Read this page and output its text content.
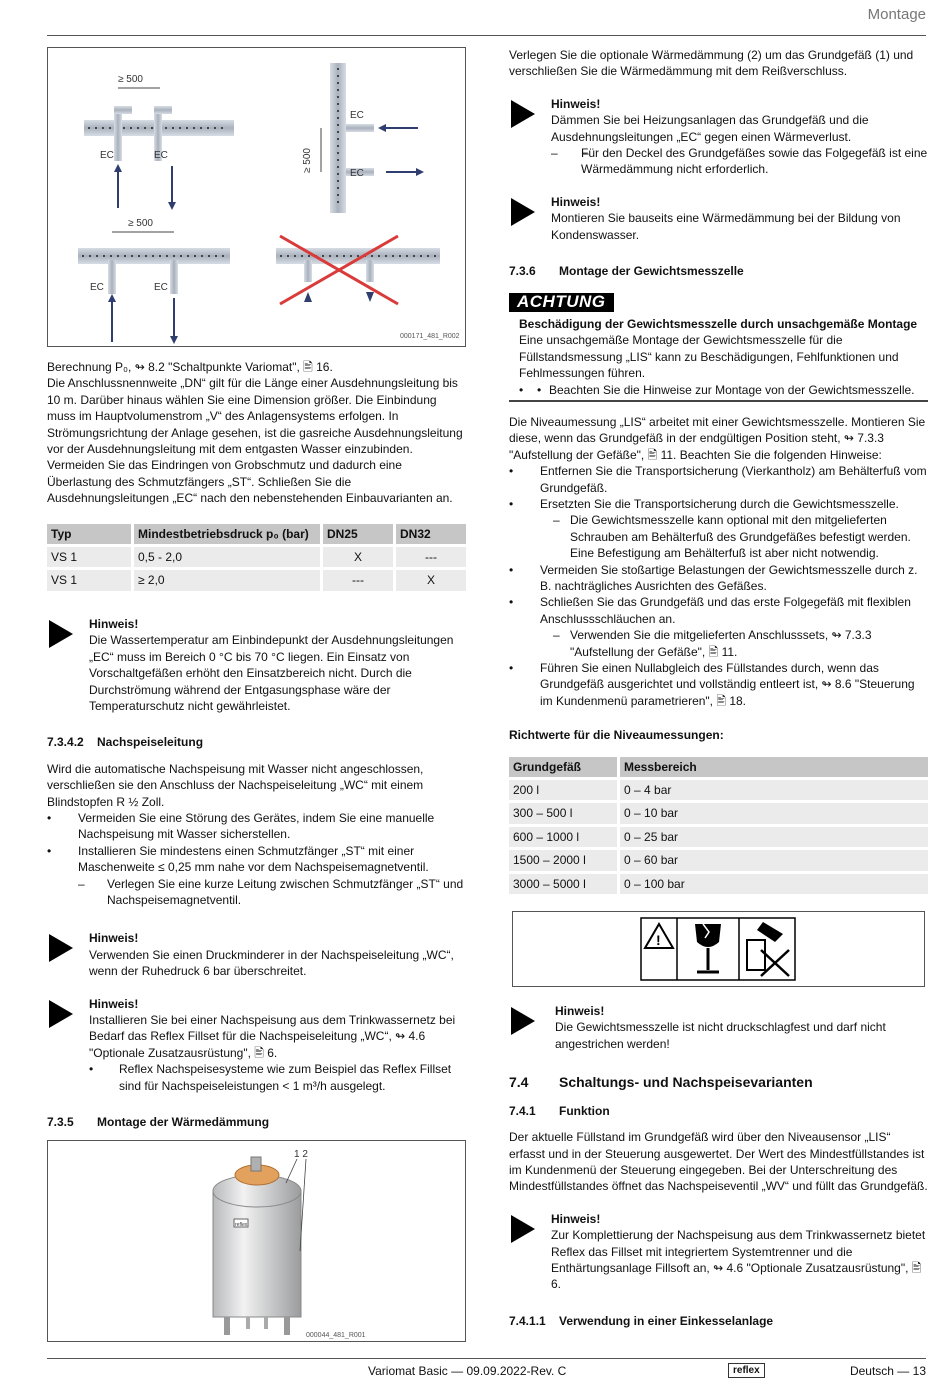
Montage
≥ 500
EC	EC
EC
EC
≥ 500
≥ 500
EC	EC
000171_481_R002

Berechnung P₀, ↬ 8.2 "Schaltpunkte Variomat", 🖹 16.

Die Anschlussnennweite „DN“ gilt für die Länge einer Ausdehnungsleitung bis 10 m. Darüber hinaus wählen Sie eine Dimension größer. Die Einbindung muss im Hauptvolumenstrom „V“ des Anlagensystems erfolgen. In Strömungsrichtung der Anlage gesehen, ist die gasreiche Ausdehnungsleitung vor der Ausdehnungsleitung mit dem entgasten Wasser einzubinden.

Vermeiden Sie das Eindringen von Grobschmutz und dadurch eine Überlastung des Schmutzfängers „ST“. Schließen Sie die Ausdehnungsleitungen „EC“ nach den nebenstehenden Einbauvarianten an.

Typ	Mindestbetriebsdruck p₀ (bar)	DN25	DN32
VS 1	0,5 - 2,0	X	---
VS 1	≥ 2,0	---	X

Hinweis!

Die Wassertemperatur am Einbindepunkt der Ausdehnungsleitungen „EC“ muss im Bereich 0 °C bis 70 °C liegen. Ein Einsatz von Vorschaltgefäßen erhöht den Einsatzbereich nicht. Durch die Durchströmung während der Entgasungsphase wäre der Temperaturschutz nicht gewährleistet.

7.3.4.2 Nachspeiseleitung

Wird die automatische Nachspeisung mit Wasser nicht angeschlossen, verschließen sie den Anschluss der Nachspeiseleitung „WC“ mit einem Blindstopfen R ½ Zoll.

• Vermeiden Sie eine Störung des Gerätes, indem Sie eine manuelle Nachspeisung mit Wasser sicherstellen.

• Installieren Sie mindestens einen Schmutzfänger „ST“ mit einer Maschenweite ≤ 0,25 mm nahe vor dem Nachspeisemagnetventil.

– Verlegen Sie eine kurze Leitung zwischen Schmutzfänger „ST“ und Nachspeisemagnetventil.

Hinweis!

Verwenden Sie einen Druckminderer in der Nachspeiseleitung „WC“, wenn der Ruhedruck 6 bar überschreitet.

Hinweis!

Installieren Sie bei einer Nachspeisung aus dem Trinkwassernetz bei Bedarf das Reflex Fillset für die Nachspeiseleitung „WC“, ↬ 4.6 "Optionale Zusatzausrüstung", 🖹 6.

• Reflex Nachspeisesysteme wie zum Beispiel das Reflex Fillset sind für Nachspeiseleistungen < 1 m³/h ausgelegt.

7.3.5 Montage der Wärmedämmung
reflex
1 2
000044_481_R001

Verlegen Sie die optionale Wärmedämmung (2) um das Grundgefäß (1) und verschließen Sie die Wärmedämmung mit dem Reißverschluss.

Hinweis!

Dämmen Sie bei Heizungsanlagen das Grundgefäß und die Ausdehnungsleitungen „EC“ gegen einen Wärmeverlust.

– – Für den Deckel des Grundgefäßes sowie das Folgegefäß ist eine Wärmedämmung nicht erforderlich.

Hinweis!

Montieren Sie bauseits eine Wärmedämmung bei der Bildung von Kondenswasser.

7.3.6 Montage der Gewichtsmesszelle
ACHTUNG

Beschädigung der Gewichtsmesszelle durch unsachgemäße Montage

Eine unsachgemäße Montage der Gewichtsmesszelle für die Füllstandsmessung „LIS“ kann zu Beschädigungen, Fehlfunktionen und Fehlmessungen führen.

• • Beachten Sie die Hinweise zur Montage von der Gewichtsmesszelle.

Die Niveaumessung „LIS“ arbeitet mit einer Gewichtsmesszelle. Montieren Sie diese, wenn das Grundgefäß in der endgültigen Position steht, ↬ 7.3.3 "Aufstellung der Gefäße", 🖹 11. Beachten Sie die folgenden Hinweise:

• Entfernen Sie die Transportsicherung (Vierkantholz) am Behälterfuß vom Grundgefäß.

• Ersetzten Sie die Transportsicherung durch die Gewichtsmesszelle.

– Die Gewichtsmesszelle kann optional mit den mitgelieferten Schrauben am Behälterfuß des Grundgefäßes befestigt werden. Eine Befestigung am Behälterfuß ist aber nicht notwendig.

• Vermeiden Sie stoßartige Belastungen der Gewichtsmesszelle durch z. B. nachträgliches Ausrichten des Gefäßes.

• Schließen Sie das Grundgefäß und das erste Folgegefäß mit flexiblen Anschlussschläuchen an.

– Verwenden Sie die mitgelieferten Anschlusssets, ↬ 7.3.3 "Aufstellung der Gefäße", 🖹 11.

• Führen Sie einen Nullabgleich des Füllstandes durch, wenn das Grundgefäß ausgerichtet und vollständig entleert ist, ↬ 8.6 "Steuerung im Kundenmenü parametrieren", 🖹 18.

Richtwerte für die Niveaumessungen:

Grundgefäß	Messbereich
200 l	0 – 4 bar
300 – 500 l	0 – 10 bar
600 – 1000 l	0 – 25 bar
1500 – 2000 l	0 – 60 bar
3000 – 5000 l	0 – 100 bar
!

Hinweis!

Die Gewichtsmesszelle ist nicht druckschlagfest und darf nicht angestrichen werden!

7.4 Schaltungs- und Nachspeisevarianten
7.4.1 Funktion

Der aktuelle Füllstand im Grundgefäß wird über den Niveausensor „LIS“ erfasst und in der Steuerung ausgewertet. Der Wert des Mindestfüllstandes ist im Kundenmenü der Steuerung eingegeben. Bei der Unterschreitung des Mindestfüllstandes öffnet das Nachspeiseventil „WV“ und füllt das Grundgefäß.

Hinweis!

Zur Komplettierung der Nachspeisung aus dem Trinkwassernetz bietet Reflex das Fillset mit integriertem Systemtrenner und die Enthärtungsanlage Fillsoft an, ↬ 4.6 "Optionale Zusatzausrüstung", 🖹 6.

7.4.1.1 Verwendung in einer Einkesselanlage
Variomat Basic — 09.09.2022-Rev. C	reflex	Deutsch — 13
